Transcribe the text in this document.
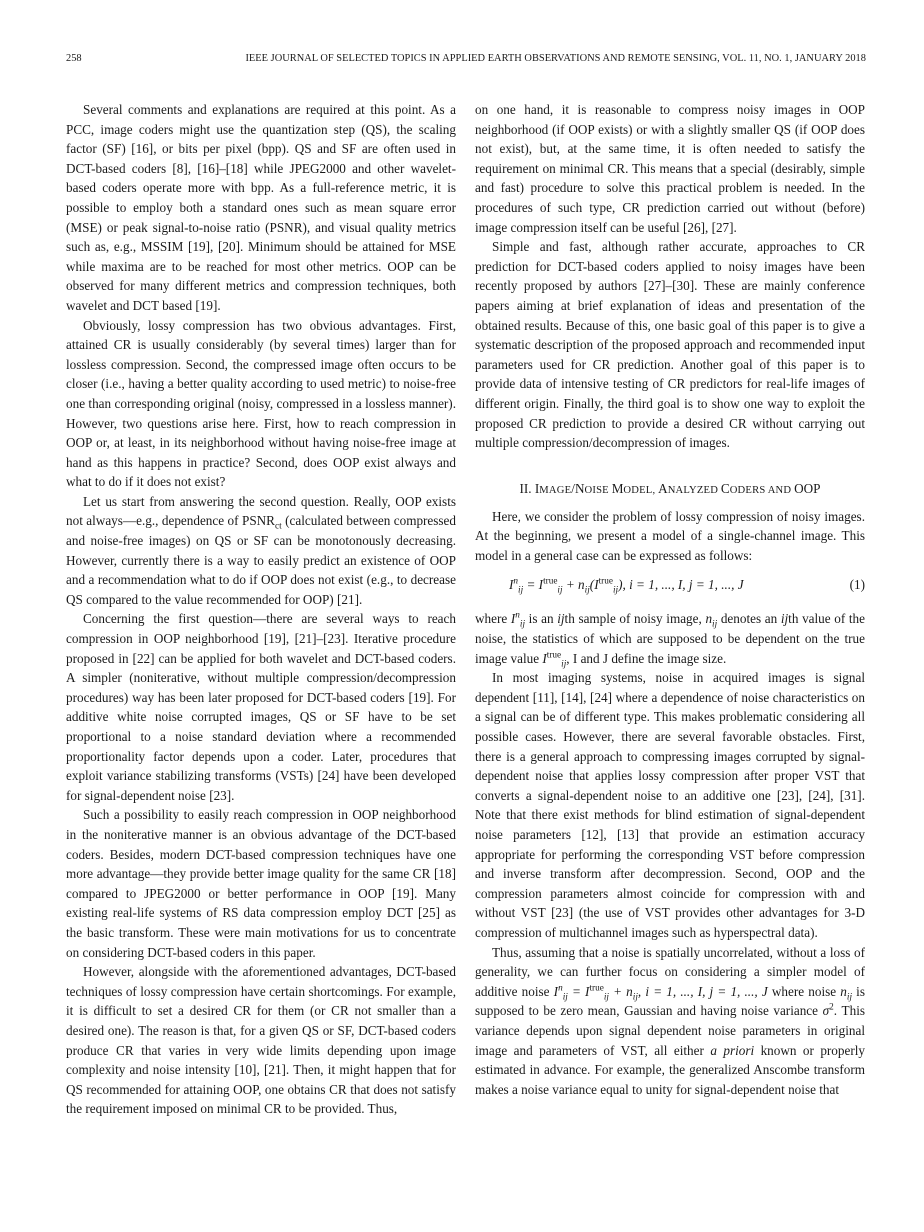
258	IEEE JOURNAL OF SELECTED TOPICS IN APPLIED EARTH OBSERVATIONS AND REMOTE SENSING, VOL. 11, NO. 1, JANUARY 2018

Several comments and explanations are required at this point. As a PCC, image coders might use the quantization step (QS), the scaling factor (SF) [16], or bits per pixel (bpp). QS and SF are often used in DCT-based coders [8], [16]–[18] while JPEG2000 and other wavelet-based coders operate more with bpp. As a full-reference metric, it is possible to employ both a standard ones such as mean square error (MSE) or peak signal-to-noise ratio (PSNR), and visual quality metrics such as, e.g., MSSIM [19], [20]. Minimum should be attained for MSE while maxima are to be reached for most other metrics. OOP can be observed for many different metrics and compression techniques, both wavelet and DCT based [19].

Obviously, lossy compression has two obvious advantages. First, attained CR is usually considerably (by several times) larger than for lossless compression. Second, the compressed image often occurs to be closer (i.e., having a better quality according to used metric) to noise-free one than corresponding original (noisy, compressed in a lossless manner). However, two questions arise here. First, how to reach compression in OOP or, at least, in its neighborhood without having noise-free image at hand as this happens in practice? Second, does OOP exist always and what to do if it does not exist?

Let us start from answering the second question. Really, OOP exists not always—e.g., dependence of $PSNR_{ct}$ (calculated between compressed and noise-free images) on QS or SF can be monotonously decreasing. However, currently there is a way to easily predict an existence of OOP and a recommendation what to do if OOP does not exist (e.g., to decrease QS compared to the value recommended for OOP) [21].

Concerning the first question—there are several ways to reach compression in OOP neighborhood [19], [21]–[23]. Iterative procedure proposed in [22] can be applied for both wavelet and DCT-based coders. A simpler (noniterative, without multiple compression/decompression procedures) way has been later proposed for DCT-based coders [19]. For additive white noise corrupted images, QS or SF have to be set proportional to a noise standard deviation where a recommended proportionality factor depends upon a coder. Later, procedures that exploit variance stabilizing transforms (VSTs) [24] have been developed for signal-dependent noise [23].

Such a possibility to easily reach compression in OOP neighborhood in the noniterative manner is an obvious advantage of the DCT-based coders. Besides, modern DCT-based compression techniques have one more advantage—they provide better image quality for the same CR [18] compared to JPEG2000 or better performance in OOP [19]. Many existing real-life systems of RS data compression employ DCT [25] as the basic transform. These were main motivations for us to concentrate on considering DCT-based coders in this paper.

However, alongside with the aforementioned advantages, DCT-based techniques of lossy compression have certain shortcomings. For example, it is difficult to set a desired CR for them (or CR not smaller than a desired one). The reason is that, for a given QS or SF, DCT-based coders produce CR that varies in very wide limits depending upon image complexity and noise intensity [10], [21]. Then, it might happen that for QS recommended for attaining OOP, one obtains CR that does not satisfy the requirement imposed on minimal CR to be provided. Thus,

on one hand, it is reasonable to compress noisy images in OOP neighborhood (if OOP exists) or with a slightly smaller QS (if OOP does not exist), but, at the same time, it is often needed to satisfy the requirement on minimal CR. This means that a special (desirably, simple and fast) procedure to solve this practical problem is needed. In the procedures of such type, CR prediction carried out without (before) image compression itself can be useful [26], [27].

Simple and fast, although rather accurate, approaches to CR prediction for DCT-based coders applied to noisy images have been recently proposed by authors [27]–[30]. These are mainly conference papers aiming at brief explanation of ideas and presentation of the obtained results. Because of this, one basic goal of this paper is to give a systematic description of the proposed approach and recommended input parameters used for CR prediction. Another goal of this paper is to provide data of intensive testing of CR predictors for real-life images of different origin. Finally, the third goal is to show one way to exploit the proposed CR prediction to provide a desired CR without carrying out multiple compression/decompression of images.

II. IMAGE/NOISE MODEL, ANALYZED CODERS AND OOP

Here, we consider the problem of lossy compression of noisy images. At the beginning, we present a model of a single-channel image. This model in a general case can be expressed as follows:

$I^n_{ij} = I^{true}_{ij} + n_{ij}(I^{true}_{ij})$, i = 1, ..., I, j = 1, ..., J	(1)

where $I^n_{ij}$ is an ijth sample of noisy image, $n_{ij}$ denotes an ijth value of the noise, the statistics of which are supposed to be dependent on the true image value $I^{true}_{ij}$, I and J define the image size.

In most imaging systems, noise in acquired images is signal dependent [11], [14], [24] where a dependence of noise characteristics on a signal can be of different type. This makes problematic considering all possible cases. However, there are several favorable obstacles. First, there is a general approach to compressing images corrupted by signal-dependent noise that applies lossy compression after proper VST that converts a signal-dependent noise to an additive one [23], [24], [31]. Note that there exist methods for blind estimation of signal-dependent noise parameters [12], [13] that provide an estimation accuracy appropriate for performing the corresponding VST before compression and inverse transform after decompression. Second, OOP and the compression parameters almost coincide for compression with and without VST [23] (the use of VST provides other advantages for 3-D compression of multichannel images such as hyperspectral data).

Thus, assuming that a noise is spatially uncorrelated, without a loss of generality, we can further focus on considering a simpler model of additive noise $I^n_{ij} = I^{true}_{ij} + n_{ij}$, i = 1, ..., I, j = 1, ..., J where noise $n_{ij}$ is supposed to be zero mean, Gaussian and having noise variance $\sigma^2$. This variance depends upon signal dependent noise parameters in original image and parameters of VST, all either a priori known or properly estimated in advance. For example, the generalized Anscombe transform makes a noise variance equal to unity for signal-dependent noise that
